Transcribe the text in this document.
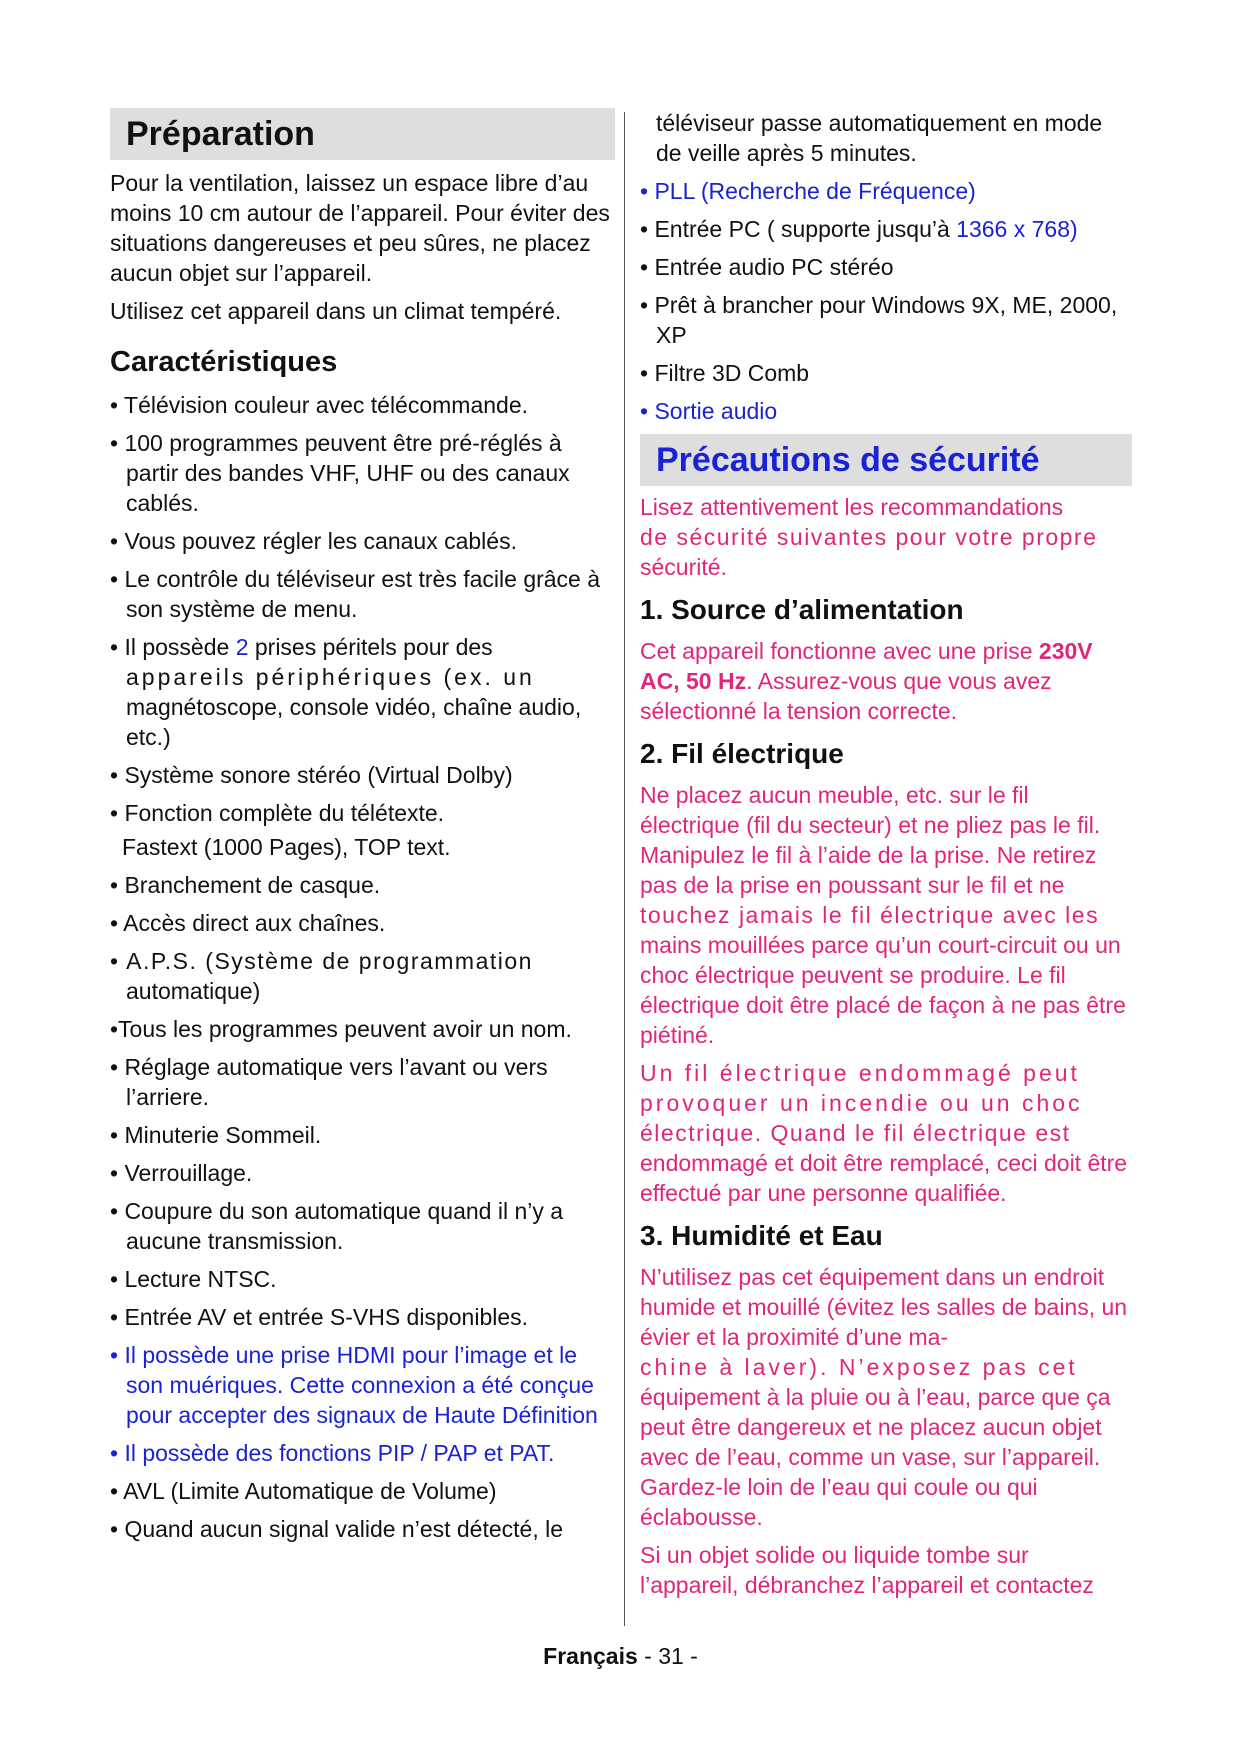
Préparation

Pour la ventilation, laissez un espace libre d’au moins 10 cm autour de l’appareil. Pour éviter des situations dangereuses et peu sûres, ne placez aucun objet sur l’appareil.

Utilisez cet appareil dans un climat tempéré.

Caractéristiques

• Télévision couleur avec télécommande.

• 100 programmes peuvent être pré-réglés à partir des bandes VHF, UHF ou des canaux cablés.

• Vous pouvez régler les canaux cablés.

• Le contrôle du téléviseur est très facile grâce à son système de menu.

• Il possède 2 prises péritels pour des
appareils périphériques (ex. un
magnétoscope, console vidéo, chaîne audio, etc.)

• Système sonore stéréo (Virtual Dolby)

• Fonction complète du télétexte.

Fastext (1000 Pages), TOP text.

• Branchement de casque.

• Accès direct aux chaînes.

• A.P.S. (Système de programmation
automatique)

•Tous les programmes peuvent avoir un nom.

• Réglage automatique vers l’avant ou vers l’arriere.

• Minuterie Sommeil.

• Verrouillage.

• Coupure du son automatique quand il n’y a aucune transmission.

• Lecture NTSC.

• Entrée AV et entrée S-VHS disponibles.

• Il possède une prise HDMI pour l’image et le son muériques. Cette connexion a été conçue pour accepter des signaux de Haute Définition

• Il possède des fonctions PIP / PAP et PAT.

• AVL (Limite Automatique de Volume)

• Quand aucun signal valide n’est détecté, le

téléviseur passe automatiquement en mode de veille après 5 minutes.

• PLL (Recherche de Fréquence)

• Entrée PC ( supporte jusqu’à 1366 x 768)

• Entrée audio PC stéréo

• Prêt à brancher pour Windows 9X, ME, 2000, XP

• Filtre 3D Comb

• Sortie audio

Précautions de sécurité

Lisez attentivement les recommandations
de sécurité suivantes pour votre propre
sécurité.

1. Source d’alimentation

Cet appareil fonctionne avec une prise 230V AC, 50 Hz. Assurez-vous que vous avez sélectionné la tension correcte.

2. Fil électrique

Ne placez aucun meuble, etc. sur le fil électrique (fil du secteur) et ne pliez pas le fil.

Manipulez le fil à l’aide de la prise. Ne retirez pas de la prise en poussant sur le fil et ne
touchez jamais le fil électrique avec les
mains mouillées parce qu’un court-circuit ou un choc électrique peuvent se produire. Le fil électrique doit être placé de façon à ne pas être piétiné.

Un fil électrique endommagé peut
provoquer un incendie ou un choc
électrique. Quand le fil électrique est
endommagé et doit être remplacé, ceci doit être effectué par une personne qualifiée.

3. Humidité et Eau

N’utilisez pas cet équipement dans un endroit humide et mouillé (évitez les salles de bains, un évier et la proximité d’une ma-
chine à laver). N’exposez pas cet
équipement à la pluie ou à l’eau, parce que ça peut être dangereux et ne placez aucun objet avec de l’eau, comme un vase, sur l’appareil. Gardez-le loin de l’eau qui coule ou qui éclabousse.

Si un objet solide ou liquide tombe sur l’appareil, débranchez l’appareil et contactez

Français - 31 -
